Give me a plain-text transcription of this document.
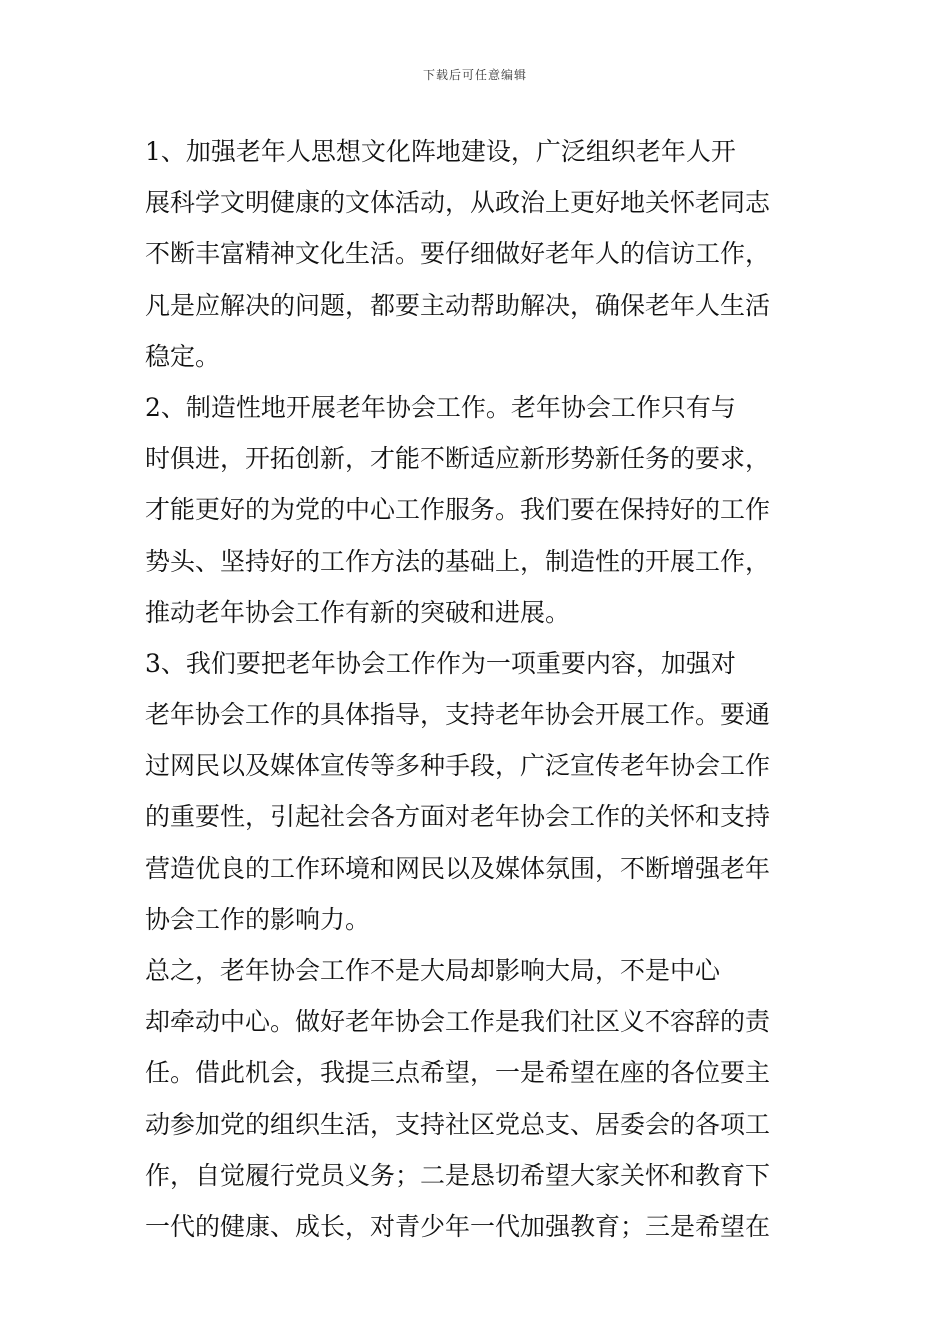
下载后可任意编辑
1、加强老年人思想文化阵地建设，广泛组织老年人开
展科学文明健康的文体活动，从政治上更好地关怀老同志
不断丰富精神文化生活。要仔细做好老年人的信访工作，
凡是应解决的问题，都要主动帮助解决，确保老年人生活
稳定。
2、制造性地开展老年协会工作。老年协会工作只有与
时俱进，开拓创新，才能不断适应新形势新任务的要求，
才能更好的为党的中心工作服务。我们要在保持好的工作
势头、坚持好的工作方法的基础上，制造性的开展工作，
推动老年协会工作有新的突破和进展。
3、我们要把老年协会工作作为一项重要内容，加强对
老年协会工作的具体指导，支持老年协会开展工作。要通
过网民以及媒体宣传等多种手段，广泛宣传老年协会工作
的重要性，引起社会各方面对老年协会工作的关怀和支持
营造优良的工作环境和网民以及媒体氛围，不断增强老年
协会工作的影响力。
总之，老年协会工作不是大局却影响大局，不是中心
却牵动中心。做好老年协会工作是我们社区义不容辞的责
任。借此机会，我提三点希望，一是希望在座的各位要主
动参加党的组织生活，支持社区党总支、居委会的各项工
作，自觉履行党员义务；二是恳切希望大家关怀和教育下
一代的健康、成长，对青少年一代加强教育；三是希望在
